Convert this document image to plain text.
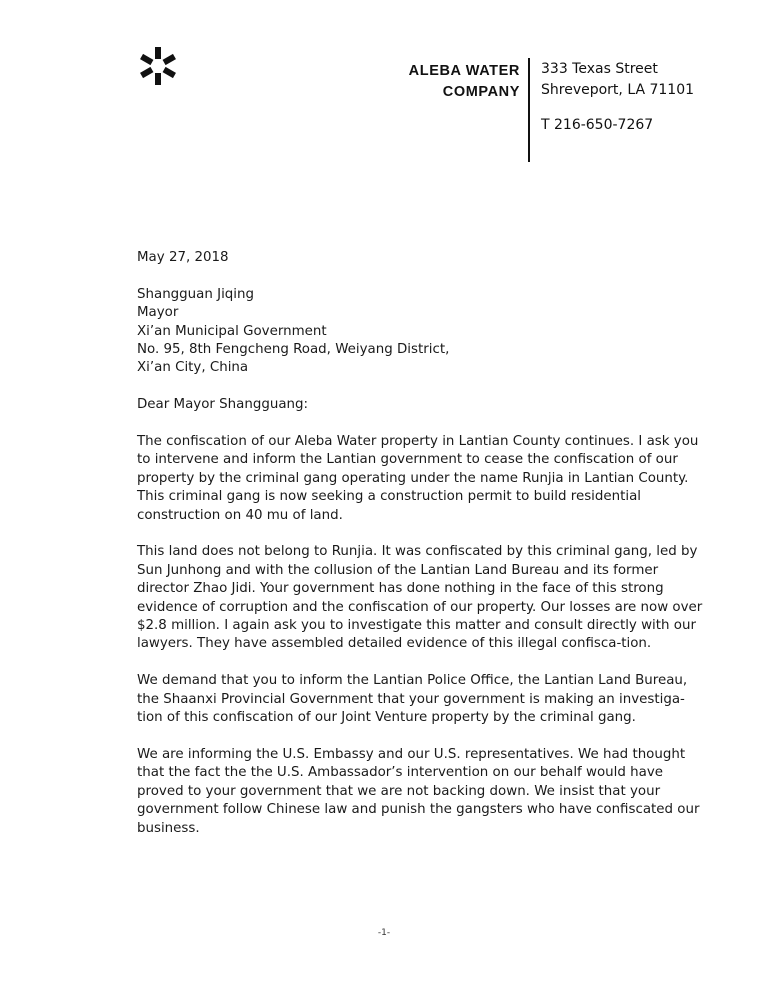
ALEBA WATER
COMPANY
333 Texas Street
Shreveport, LA 71101
T 216-650-7267

May 27, 2018

Shangguan Jiqing
Mayor
Xi’an Municipal Government
No. 95, 8th Fengcheng Road, Weiyang District,
Xi’an City, China

Dear Mayor Shangguang:

The confiscation of our Aleba Water property in Lantian County continues. I ask you to intervene and inform the Lantian government to cease the confiscation of our property by the criminal gang operating under the name Runjia in Lantian County. This criminal gang is now seeking a construction permit to build residential construction on 40 mu of land.

This land does not belong to Runjia. It was confiscated by this criminal gang, led by Sun Junhong and with the collusion of the Lantian Land Bureau and its former director Zhao Jidi. Your government has done nothing in the face of this strong evidence of corruption and the confiscation of our property. Our losses are now over $2.8 million. I again ask you to investigate this matter and consult directly with our lawyers. They have assembled detailed evidence of this illegal confisca-tion.

We demand that you to inform the Lantian Police Office, the Lantian Land Bureau, the Shaanxi Provincial Government that your government is making an investiga-tion of this confiscation of our Joint Venture property by the criminal gang.

We are informing the U.S. Embassy and our U.S. representatives. We had thought that the fact the the U.S. Ambassador’s intervention on our behalf would have proved to your government that we are not backing down. We insist that your government follow Chinese law and punish the gangsters who have confiscated our business.

-1-
